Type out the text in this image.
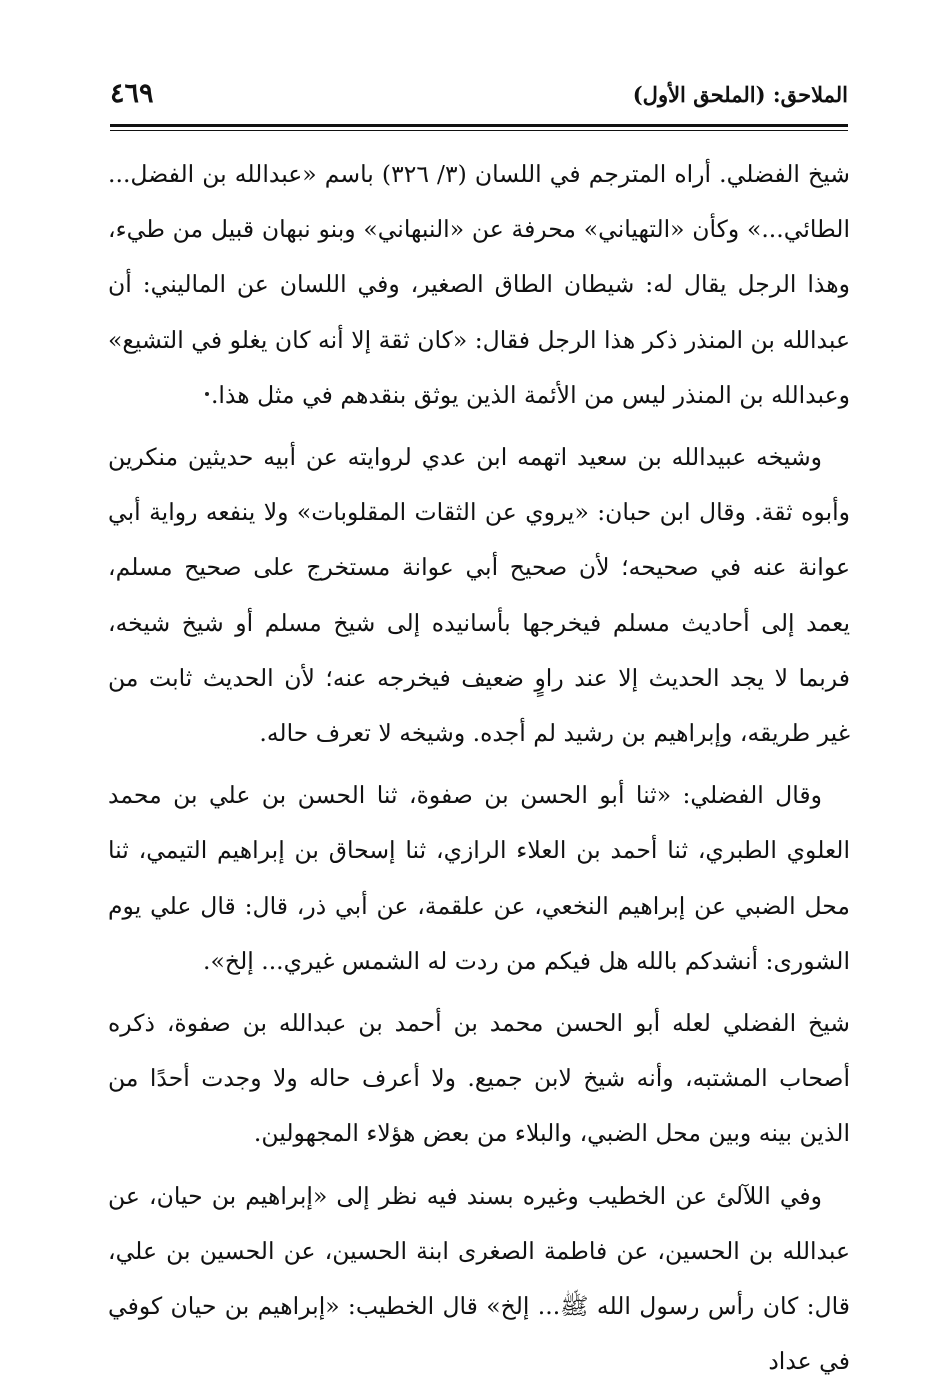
الملاحق: (الملحق الأول)
٤٦٩

شيخ الفضلي. أراه المترجم في اللسان (٣/ ٣٢٦) باسم «عبدالله بن الفضل... الطائي...» وكأن «التهياني» محرفة عن «النبهاني» وبنو نبهان قبيل من طيء، وهذا الرجل يقال له: شيطان الطاق الصغير، وفي اللسان عن الماليني: أن عبدالله بن المنذر ذكر هذا الرجل فقال: «كان ثقة إلا أنه كان يغلو في التشيع» وعبدالله بن المنذر ليس من الأئمة الذين يوثق بنقدهم في مثل هذا.

وشيخه عبيدالله بن سعيد اتهمه ابن عدي لروايته عن أبيه حديثين منكرين وأبوه ثقة. وقال ابن حبان: «يروي عن الثقات المقلوبات» ولا ينفعه رواية أبي عوانة عنه في صحيحه؛ لأن صحيح أبي عوانة مستخرج على صحيح مسلم، يعمد إلى أحاديث مسلم فيخرجها بأسانيده إلى شيخ مسلم أو شيخ شيخه، فربما لا يجد الحديث إلا عند راوٍ ضعيف فيخرجه عنه؛ لأن الحديث ثابت من غير طريقه، وإبراهيم بن رشيد لم أجده. وشيخه لا تعرف حاله.

وقال الفضلي: «ثنا أبو الحسن بن صفوة، ثنا الحسن بن علي بن محمد العلوي الطبري، ثنا أحمد بن العلاء الرازي، ثنا إسحاق بن إبراهيم التيمي، ثنا محل الضبي عن إبراهيم النخعي، عن علقمة، عن أبي ذر، قال: قال علي يوم الشورى: أنشدكم بالله هل فيكم من ردت له الشمس غيري... إلخ».

شيخ الفضلي لعله أبو الحسن محمد بن أحمد بن عبدالله بن صفوة، ذكره أصحاب المشتبه، وأنه شيخ لابن جميع. ولا أعرف حاله ولا وجدت أحدًا من الذين بينه وبين محل الضبي، والبلاء من بعض هؤلاء المجهولين.

وفي اللآلئ عن الخطيب وغيره بسند فيه نظر إلى «إبراهيم بن حيان، عن عبدالله بن الحسين، عن فاطمة الصغرى ابنة الحسين، عن الحسين بن علي، قال: كان رأس رسول الله ﷺ... إلخ» قال الخطيب: «إبراهيم بن حيان كوفي في عداد
